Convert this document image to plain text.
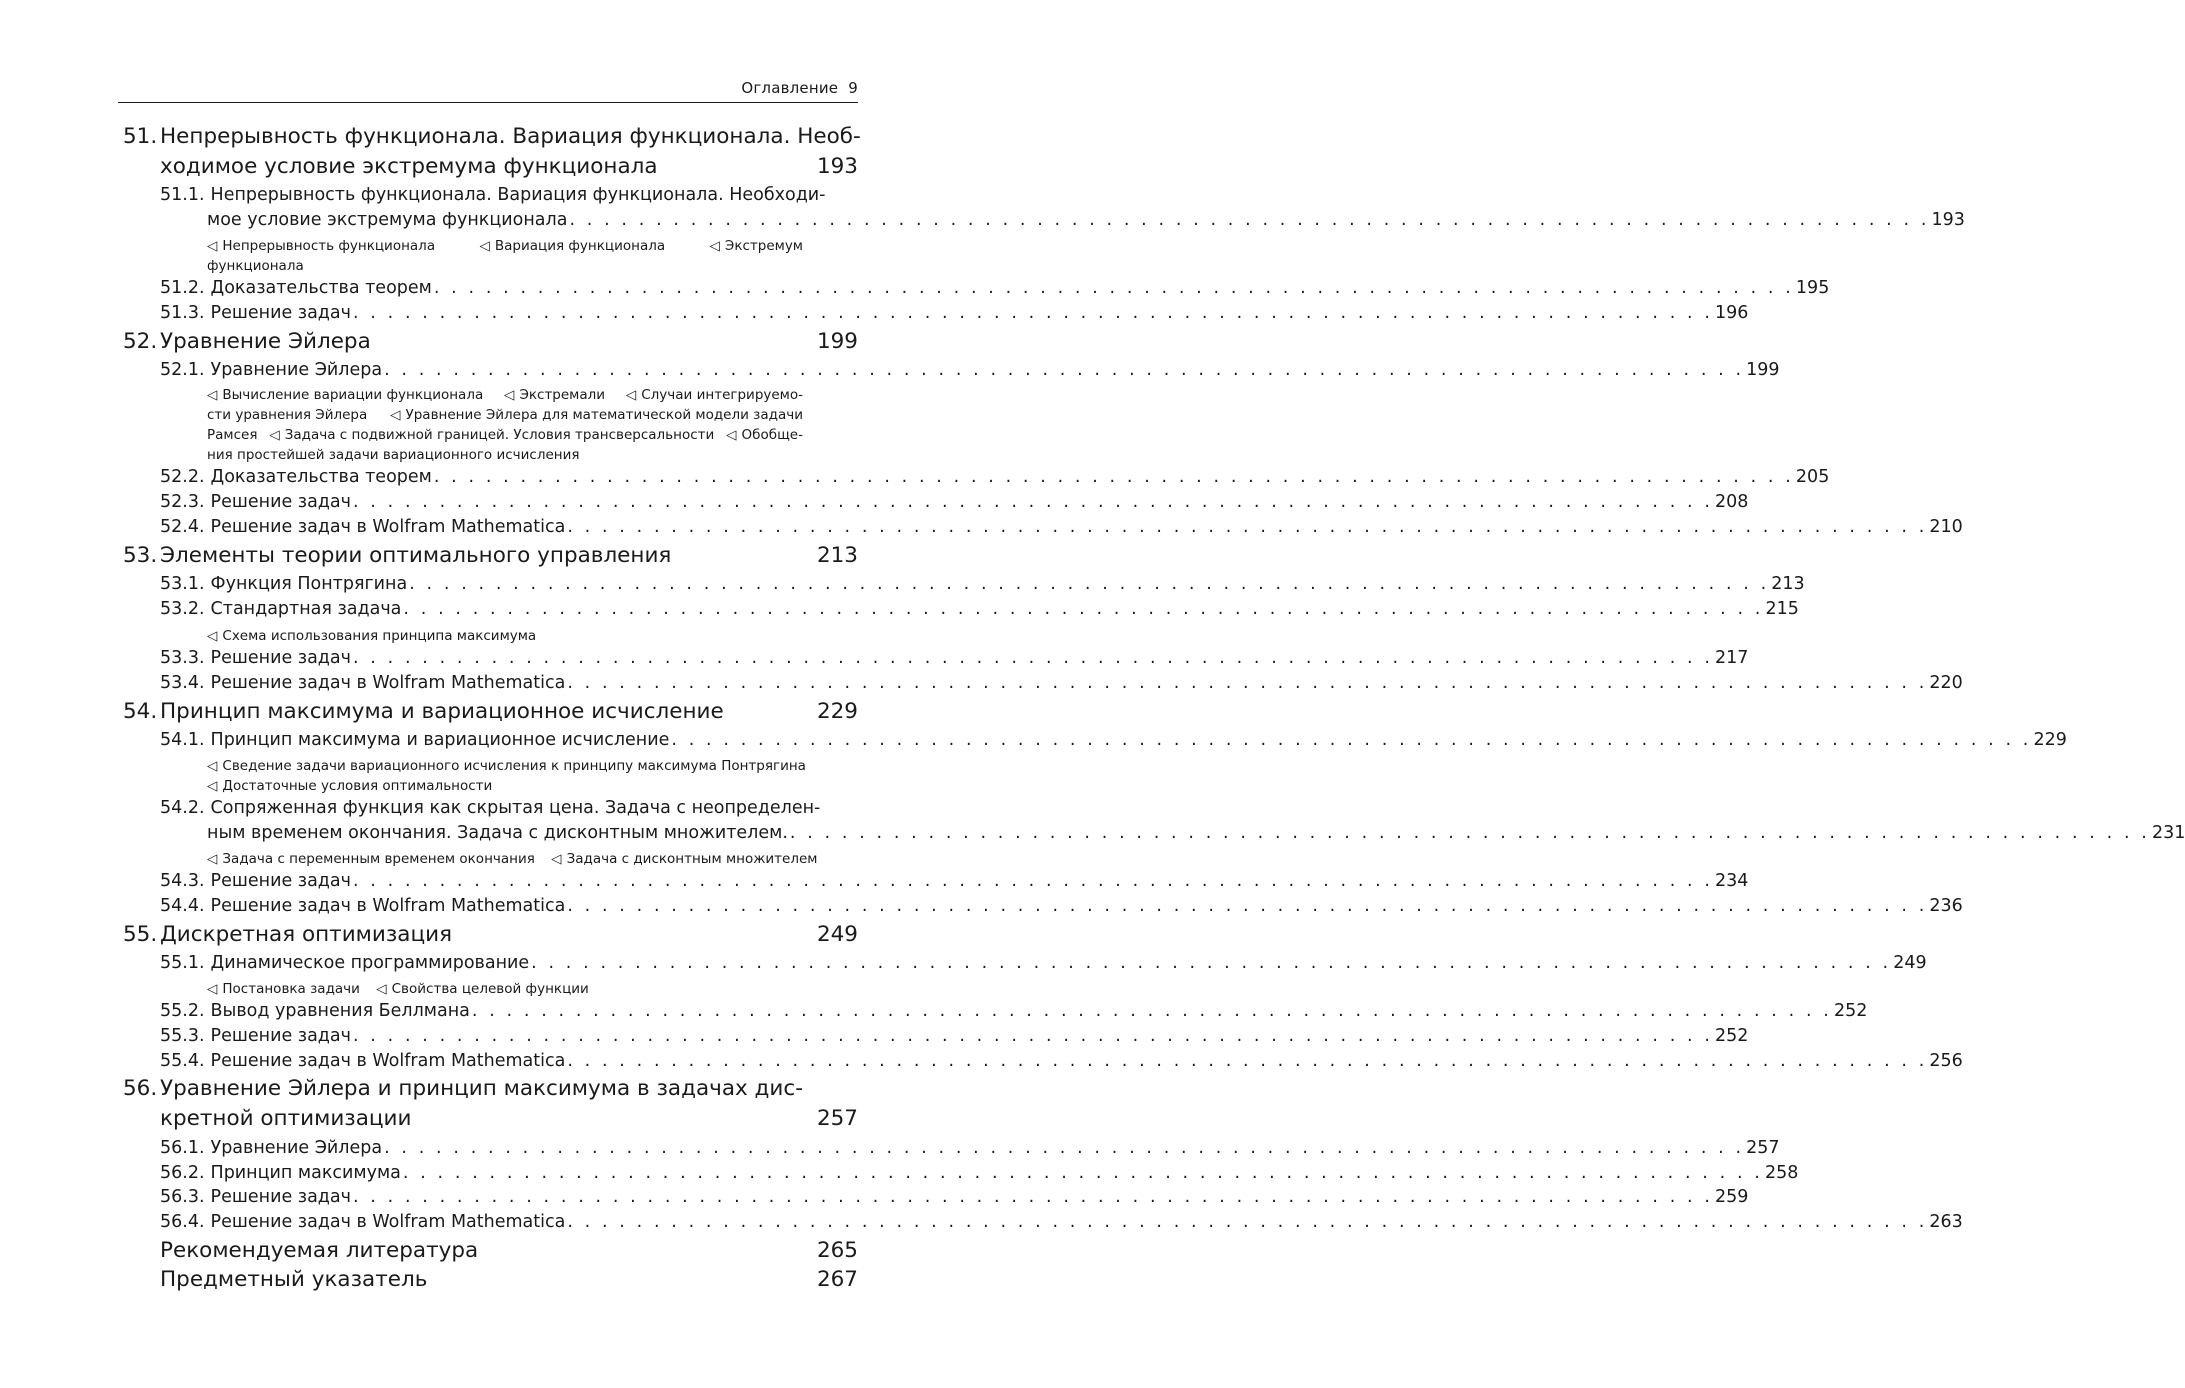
Оглавление 9
51. Непрерывность функционала. Вариация функционала. Необ-
ходимое условие экстремума функционала	193
51.1. Непрерывность функционала. Вариация функционала. Необходи-
мое условие экстремума функционала . . . . . . . . . . . . . . . . . . . . . . . . . . . . . . . . . . . . . . . . . . . . . . . . . . . . . . . . . . . . . . . . . . . . . . . . . . . . . . . 193
◁ Непрерывность функционала	◁ Вариация функционала	◁ Экстремум
функционала
51.2. Доказательства теорем . . . . . . . . . . . . . . . . . . . . . . . . . . . . . . . . . . . . . . . . . . . . . . . . . . . . . . . . . . . . . . . . . . . . . . . . . . . . . . . 195
51.3. Решение задач . . . . . . . . . . . . . . . . . . . . . . . . . . . . . . . . . . . . . . . . . . . . . . . . . . . . . . . . . . . . . . . . . . . . . . . . . . . . . . . 196
52. Уравнение Эйлера	199
52.1. Уравнение Эйлера . . . . . . . . . . . . . . . . . . . . . . . . . . . . . . . . . . . . . . . . . . . . . . . . . . . . . . . . . . . . . . . . . . . . . . . . . . . . . . . 199
◁ Вычисление вариации функционала ◁ Экстремали ◁ Случаи интегрируемо-
сти уравнения Эйлера ◁ Уравнение Эйлера для математической модели задачи
Рамсея ◁ Задача с подвижной границей. Условия трансверсальности ◁ Обобще-
ния простейшей задачи вариационного исчисления
52.2. Доказательства теорем . . . . . . . . . . . . . . . . . . . . . . . . . . . . . . . . . . . . . . . . . . . . . . . . . . . . . . . . . . . . . . . . . . . . . . . . . . . . . . . 205
52.3. Решение задач . . . . . . . . . . . . . . . . . . . . . . . . . . . . . . . . . . . . . . . . . . . . . . . . . . . . . . . . . . . . . . . . . . . . . . . . . . . . . . . 208
52.4. Решение задач в Wolfram Mathematica . . . . . . . . . . . . . . . . . . . . . . . . . . . . . . . . . . . . . . . . . . . . . . . . . . . . . . . . . . . . . . . . . . . . . . . . . . . . . . . 210
53. Элементы теории оптимального управления	213
53.1. Функция Понтрягина . . . . . . . . . . . . . . . . . . . . . . . . . . . . . . . . . . . . . . . . . . . . . . . . . . . . . . . . . . . . . . . . . . . . . . . . . . . . . . . 213
53.2. Стандартная задача . . . . . . . . . . . . . . . . . . . . . . . . . . . . . . . . . . . . . . . . . . . . . . . . . . . . . . . . . . . . . . . . . . . . . . . . . . . . . . . 215
◁ Схема использования принципа максимума
53.3. Решение задач . . . . . . . . . . . . . . . . . . . . . . . . . . . . . . . . . . . . . . . . . . . . . . . . . . . . . . . . . . . . . . . . . . . . . . . . . . . . . . . 217
53.4. Решение задач в Wolfram Mathematica . . . . . . . . . . . . . . . . . . . . . . . . . . . . . . . . . . . . . . . . . . . . . . . . . . . . . . . . . . . . . . . . . . . . . . . . . . . . . . . 220
54. Принцип максимума и вариационное исчисление	229
54.1. Принцип максимума и вариационное исчисление . . . . . . . . . . . . . . . . . . . . . . . . . . . . . . . . . . . . . . . . . . . . . . . . . . . . . . . . . . . . . . . . . . . . . . . . . . . . . . . 229
◁ Сведение задачи вариационного исчисления к принципу максимума Понтрягина
◁ Достаточные условия оптимальности
54.2. Сопряженная функция как скрытая цена. Задача с неопределен-
ным временем окончания. Задача с дисконтным множителем. . . . . . . . . . . . . . . . . . . . . . . . . . . . . . . . . . . . . . . . . . . . . . . . . . . . . . . . . . . . . . . . . . . . . . . . . . . . . . . . 231
◁ Задача с переменным временем окончания ◁ Задача с дисконтным множителем
54.3. Решение задач . . . . . . . . . . . . . . . . . . . . . . . . . . . . . . . . . . . . . . . . . . . . . . . . . . . . . . . . . . . . . . . . . . . . . . . . . . . . . . . 234
54.4. Решение задач в Wolfram Mathematica . . . . . . . . . . . . . . . . . . . . . . . . . . . . . . . . . . . . . . . . . . . . . . . . . . . . . . . . . . . . . . . . . . . . . . . . . . . . . . . 236
55. Дискретная оптимизация	249
55.1. Динамическое программирование . . . . . . . . . . . . . . . . . . . . . . . . . . . . . . . . . . . . . . . . . . . . . . . . . . . . . . . . . . . . . . . . . . . . . . . . . . . . . . . 249
◁ Постановка задачи ◁ Свойства целевой функции
55.2. Вывод уравнения Беллмана . . . . . . . . . . . . . . . . . . . . . . . . . . . . . . . . . . . . . . . . . . . . . . . . . . . . . . . . . . . . . . . . . . . . . . . . . . . . . . . 252
55.3. Решение задач . . . . . . . . . . . . . . . . . . . . . . . . . . . . . . . . . . . . . . . . . . . . . . . . . . . . . . . . . . . . . . . . . . . . . . . . . . . . . . . 252
55.4. Решение задач в Wolfram Mathematica . . . . . . . . . . . . . . . . . . . . . . . . . . . . . . . . . . . . . . . . . . . . . . . . . . . . . . . . . . . . . . . . . . . . . . . . . . . . . . . 256
56. Уравнение Эйлера и принцип максимума в задачах дис-
кретной оптимизации	257
56.1. Уравнение Эйлера . . . . . . . . . . . . . . . . . . . . . . . . . . . . . . . . . . . . . . . . . . . . . . . . . . . . . . . . . . . . . . . . . . . . . . . . . . . . . . . 257
56.2. Принцип максимума . . . . . . . . . . . . . . . . . . . . . . . . . . . . . . . . . . . . . . . . . . . . . . . . . . . . . . . . . . . . . . . . . . . . . . . . . . . . . . . 258
56.3. Решение задач . . . . . . . . . . . . . . . . . . . . . . . . . . . . . . . . . . . . . . . . . . . . . . . . . . . . . . . . . . . . . . . . . . . . . . . . . . . . . . . 259
56.4. Решение задач в Wolfram Mathematica . . . . . . . . . . . . . . . . . . . . . . . . . . . . . . . . . . . . . . . . . . . . . . . . . . . . . . . . . . . . . . . . . . . . . . . . . . . . . . . 263
Рекомендуемая литература	265
Предметный указатель	267
